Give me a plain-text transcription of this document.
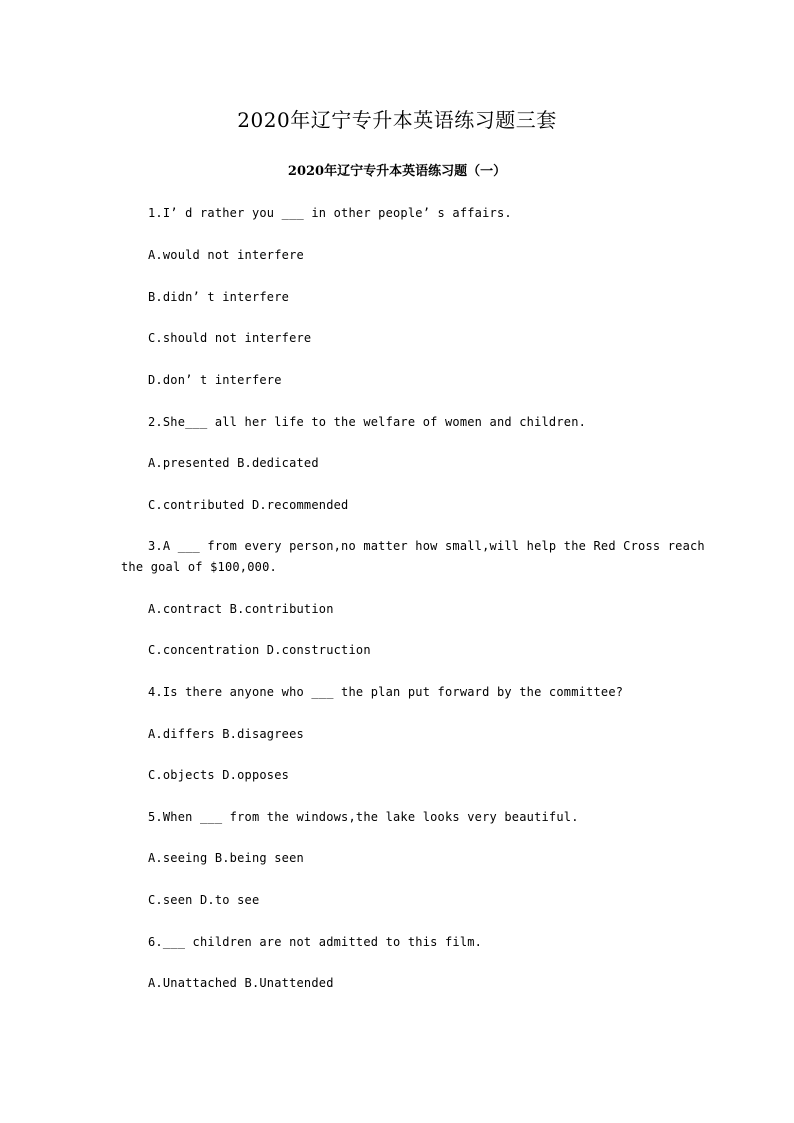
2020年辽宁专升本英语练习题三套
2020年辽宁专升本英语练习题（一）
1.I’ d rather you ___ in other people’ s affairs.
A.would not interfere
B.didn’ t interfere
C.should not interfere
D.don’ t interfere
2.She___ all her life to the welfare of women and children.
A.presented B.dedicated
C.contributed D.recommended
3.A ___ from every person,no matter how small,will help the Red Cross reach
the goal of $100,000.
A.contract B.contribution
C.concentration D.construction
4.Is there anyone who ___ the plan put forward by the committee?
A.differs B.disagrees
C.objects D.opposes
5.When ___ from the windows,the lake looks very beautiful.
A.seeing B.being seen
C.seen D.to see
6.___ children are not admitted to this film.
A.Unattached B.Unattended
